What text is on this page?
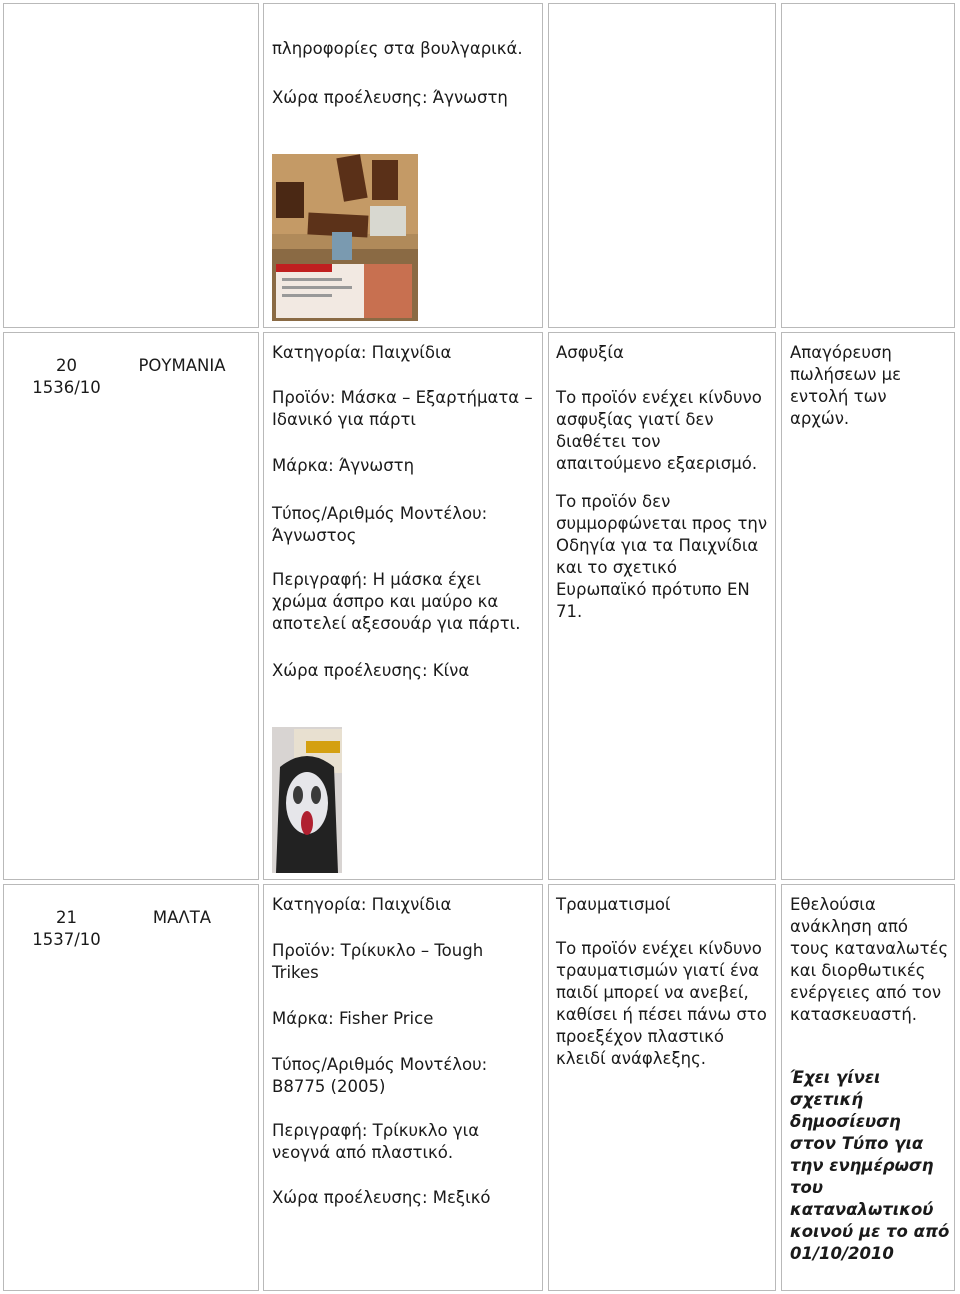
πληροφορίες στα βουλγαρικά.

Χώρα προέλευσης: Άγνωστη

20
1536/10
ΡΟΥΜΑΝΙΑ

Κατηγορία: Παιχνίδια

Προϊόν: Μάσκα – Εξαρτήματα – Ιδανικό για πάρτι

Μάρκα: Άγνωστη

Τύπος/Αριθμός Μοντέλου: Άγνωστος

Περιγραφή: Η μάσκα έχει χρώμα άσπρο και μαύρο κα αποτελεί αξεσουάρ για πάρτι.

Χώρα προέλευσης: Κίνα

Ασφυξία

Το προϊόν ενέχει κίνδυνο ασφυξίας γιατί δεν διαθέτει τον απαιτούμενο εξαερισμό.

Το προϊόν δεν συμμορφώνεται προς την Οδηγία για τα Παιχνίδια και το σχετικό Ευρωπαϊκό πρότυπο EN 71.

Απαγόρευση πωλήσεων με εντολή των αρχών.

21
1537/10
ΜΑΛΤΑ

Κατηγορία: Παιχνίδια

Προϊόν: Τρίκυκλο – Tough Trikes

Μάρκα: Fisher Price

Τύπος/Αριθμός Μοντέλου: B8775 (2005)

Περιγραφή: Τρίκυκλο για νεογνά από πλαστικό.

Χώρα προέλευσης: Μεξικό

Τραυματισμοί

Το προϊόν ενέχει κίνδυνο τραυματισμών γιατί ένα παιδί μπορεί να ανεβεί, καθίσει ή πέσει πάνω στο προεξέχον πλαστικό κλειδί ανάφλεξης.

Εθελούσια ανάκληση από τους καταναλωτές και διορθωτικές ενέργειες από τον κατασκευαστή.

Έχει γίνει σχετική δημοσίευση στον Τύπο για την ενημέρωση του καταναλωτικού κοινού με το από 01/10/2010
